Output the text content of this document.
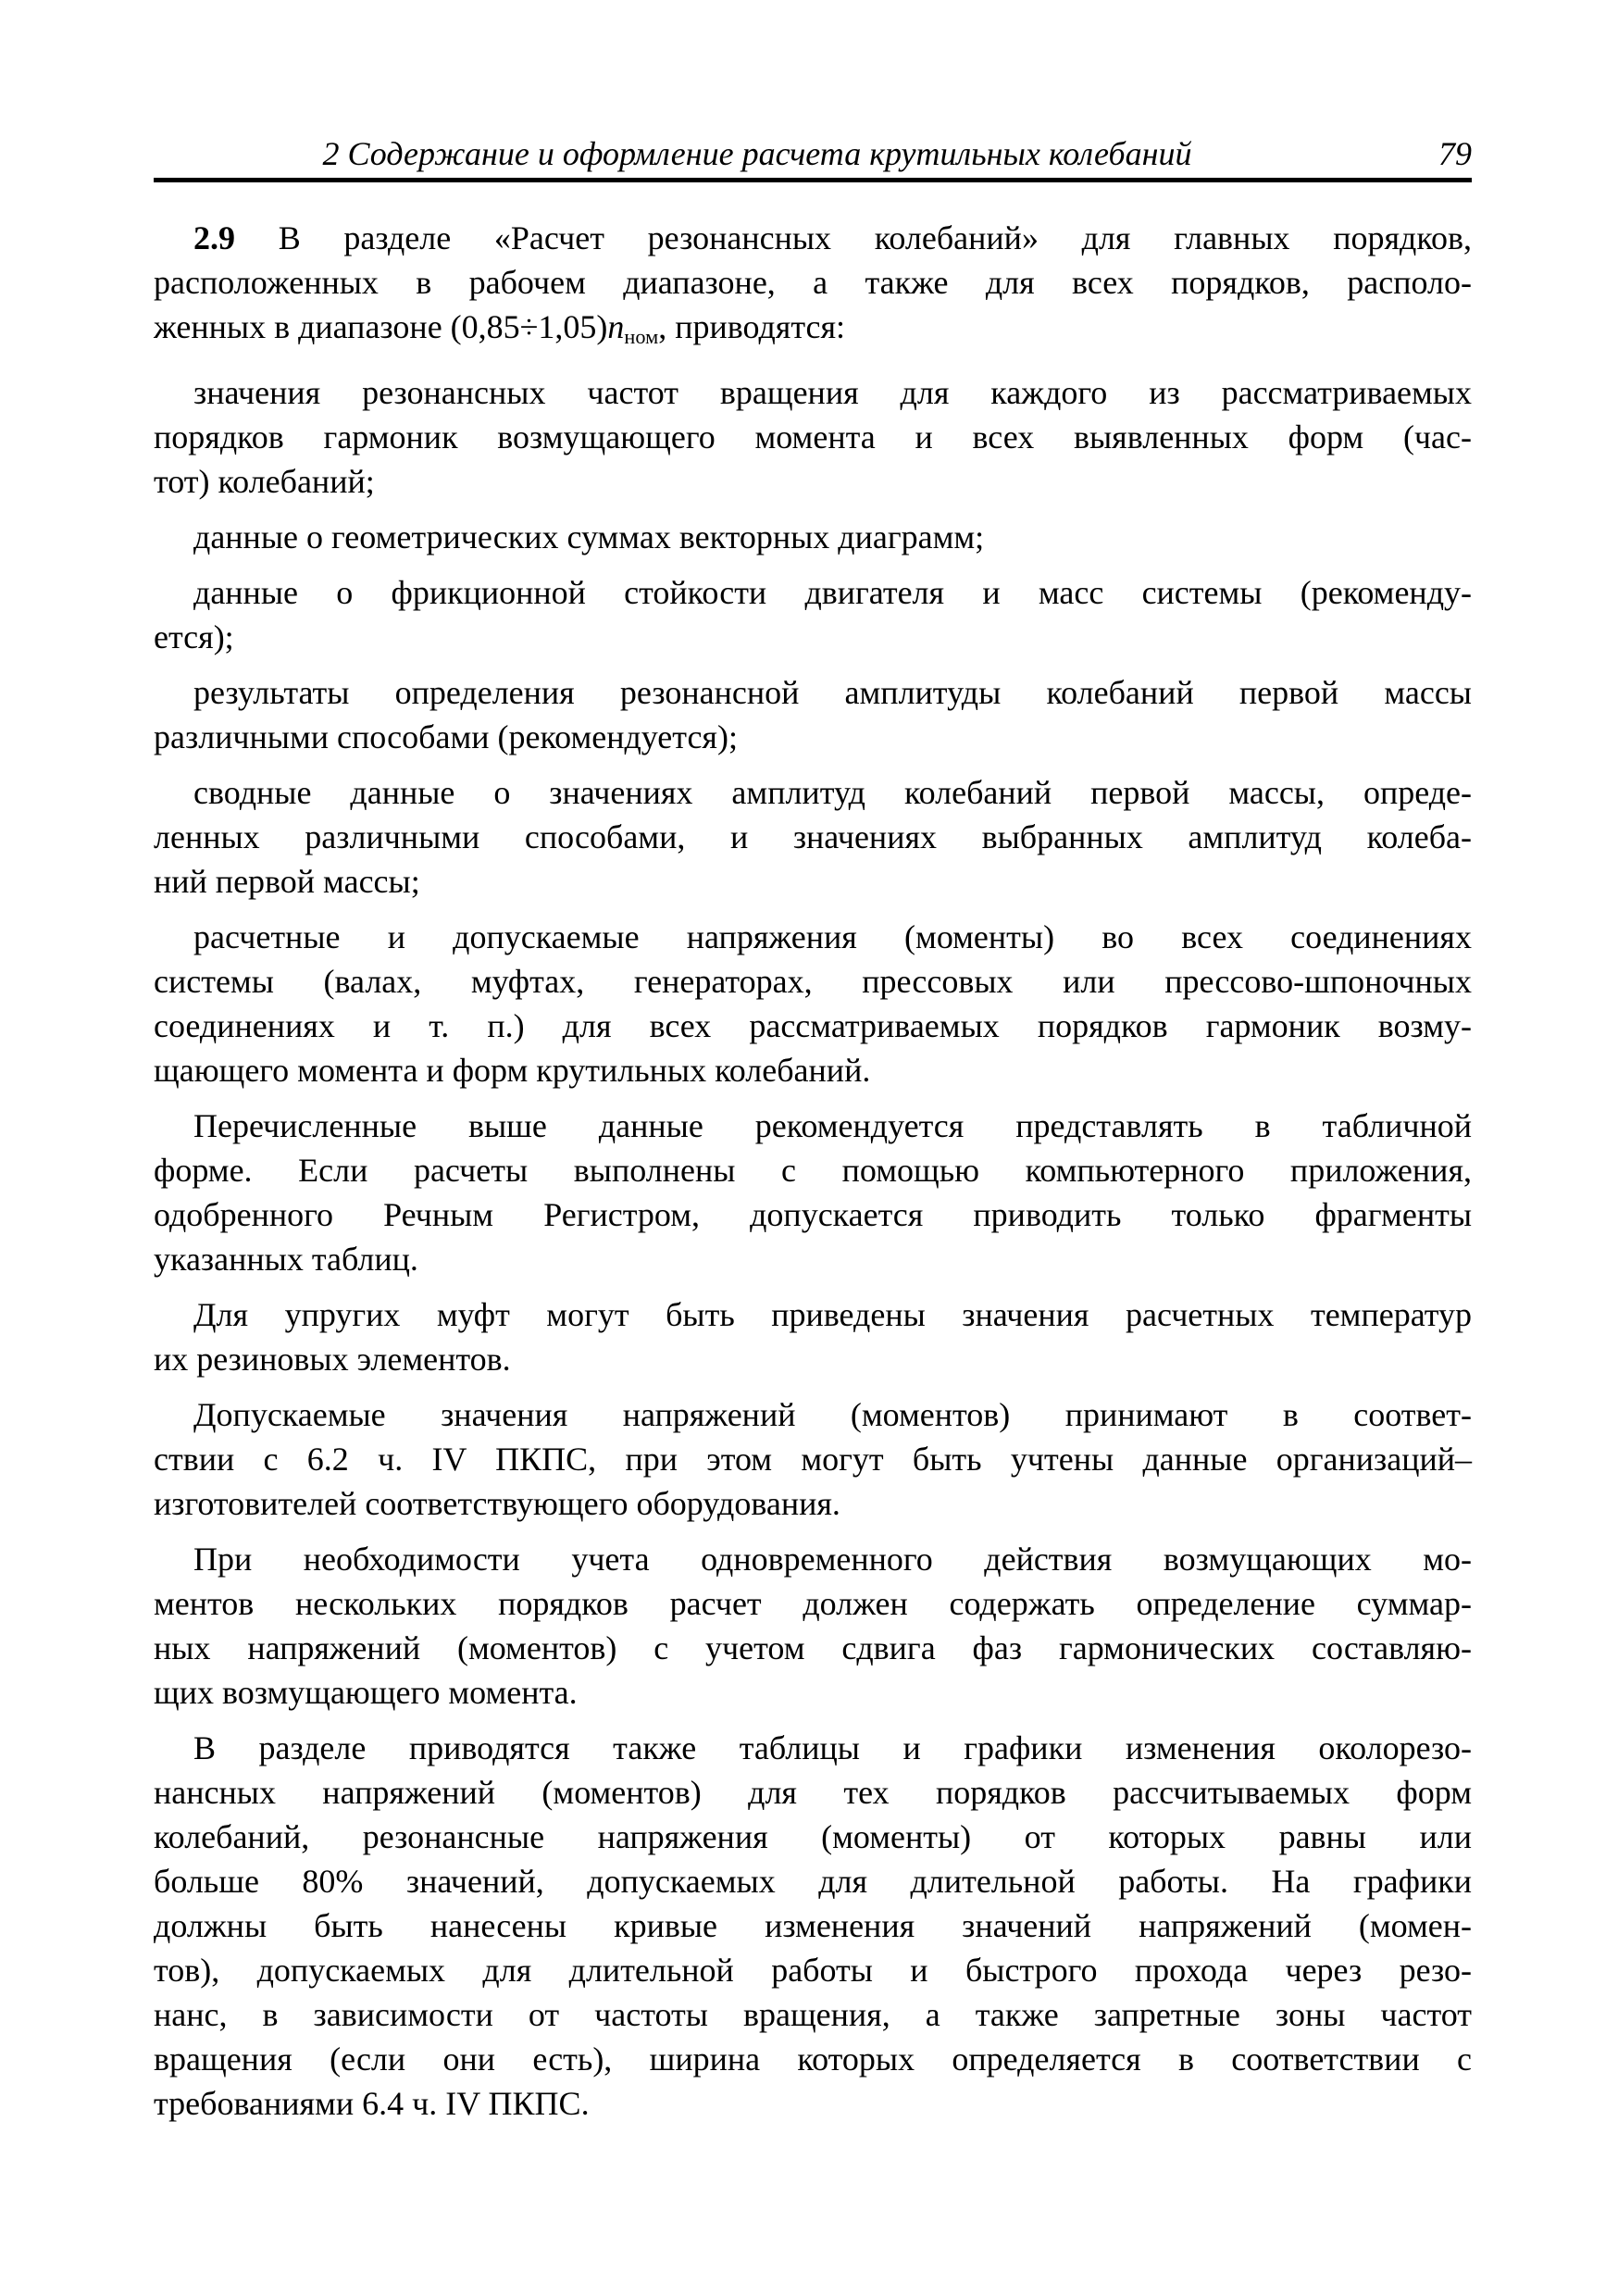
2 Содержание и оформление расчета крутильных колебаний	79
2.9 В разделе «Расчет резонансных колебаний» для главных порядков,
расположенных в рабочем диапазоне, а также для всех порядков, располо-
женных в диапазоне (0,85÷1,05)nном, приводятся:
значения резонансных частот вращения для каждого из рассматриваемых
порядков гармоник возмущающего момента и всех выявленных форм (час-
тот) колебаний;
данные о геометрических суммах векторных диаграмм;
данные о фрикционной стойкости двигателя и масс системы (рекоменду-
ется);
результаты определения резонансной амплитуды колебаний первой массы
различными способами (рекомендуется);
сводные данные о значениях амплитуд колебаний первой массы, опреде-
ленных различными способами, и значениях выбранных амплитуд колеба-
ний первой массы;
расчетные и допускаемые напряжения (моменты) во всех соединениях
системы (валах, муфтах, генераторах, прессовых или прессово-шпоночных
соединениях и т. п.) для всех рассматриваемых порядков гармоник возму-
щающего момента и форм крутильных колебаний.
Перечисленные выше данные рекомендуется представлять в табличной
форме. Если расчеты выполнены с помощью компьютерного приложения,
одобренного Речным Регистром, допускается приводить только фрагменты
указанных таблиц.
Для упругих муфт могут быть приведены значения расчетных температур
их резиновых элементов.
Допускаемые значения напряжений (моментов) принимают в соответ-
ствии с 6.2 ч. IV ПКПС, при этом могут быть учтены данные организаций–
изготовителей соответствующего оборудования.
При необходимости учета одновременного действия возмущающих мо-
ментов нескольких порядков расчет должен содержать определение суммар-
ных напряжений (моментов) с учетом сдвига фаз гармонических составляю-
щих возмущающего момента.
В разделе приводятся также таблицы и графики изменения околорезо-
нансных напряжений (моментов) для тех порядков рассчитываемых форм
колебаний, резонансные напряжения (моменты) от которых равны или
больше 80% значений, допускаемых для длительной работы. На графики
должны быть нанесены кривые изменения значений напряжений (момен-
тов), допускаемых для длительной работы и быстрого прохода через резо-
нанс, в зависимости от частоты вращения, а также запретные зоны частот
вращения (если они есть), ширина которых определяется в соответствии с
требованиями 6.4 ч. IV ПКПС.
